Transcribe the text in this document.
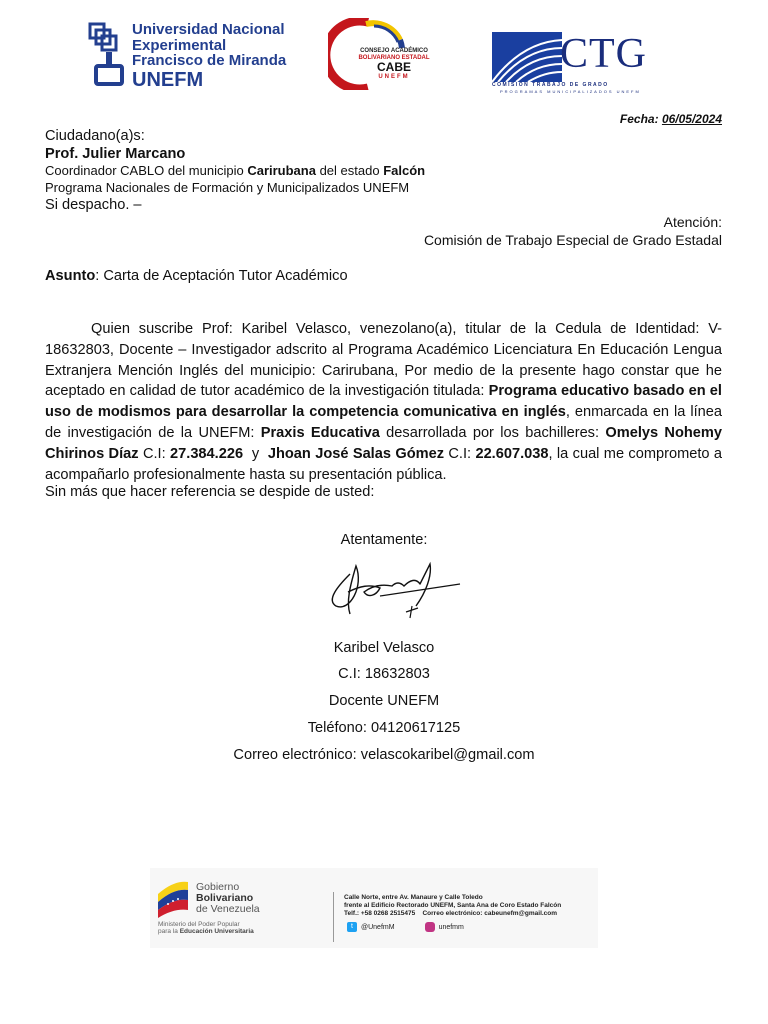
Universidad Nacional
Experimental
Francisco de Miranda
UNEFM
CONSEJO ACADÉMICO
BOLIVARIANO ESTADAL
CABE
UNEFM	CTG
COMISIÓN TRABAJO DE GRADO
PROGRAMAS MUNICIPALIZADOS UNEFM
Fecha: 06/05/2024
Ciudadano(a)s:
Prof. Julier Marcano
Coordinador CABLO del municipio Carirubana del estado Falcón
Programa Nacionales de Formación y Municipalizados UNEFM
Si despacho. –
Atención:
Comisión de Trabajo Especial de Grado Estadal
Asunto: Carta de Aceptación Tutor Académico

Quien suscribe Prof: Karibel Velasco, venezolano(a), titular de la Cedula de Identidad: V-18632803, Docente – Investigador adscrito al Programa Académico Licenciatura En Educación Lengua Extranjera Mención Inglés del municipio: Carirubana, Por medio de la presente hago constar que he aceptado en calidad de tutor académico de la investigación titulada: Programa educativo basado en el uso de modismos para desarrollar la competencia comunicativa en inglés, enmarcada en la línea de investigación de la UNEFM: Praxis Educativa desarrollada por los bachilleres: Omelys Nohemy Chirinos Díaz C.I: 27.384.226  y  Jhoan José Salas Gómez C.I: 22.607.038, la cual me comprometo a acompañarlo profesionalmente hasta su presentación pública.

Sin más que hacer referencia se despide de usted:
Atentamente:
Karibel Velasco
C.I: 18632803
Docente UNEFM
Teléfono: 04120617125
Correo electrónico: velascokaribel@gmail.com
Gobierno
Bolivariano
de Venezuela
Ministerio del Poder Popular
para la Educación Universitaria
Calle Norte, entre Av. Manaure y Calle Toledo
frente al Edificio Rectorado UNEFM, Santa Ana de Coro Estado Falcón
Telf.: +58 0268 2515475    Correo electrónico: cabeunefm@gmail.com
t	@UnefmM	unefmm
